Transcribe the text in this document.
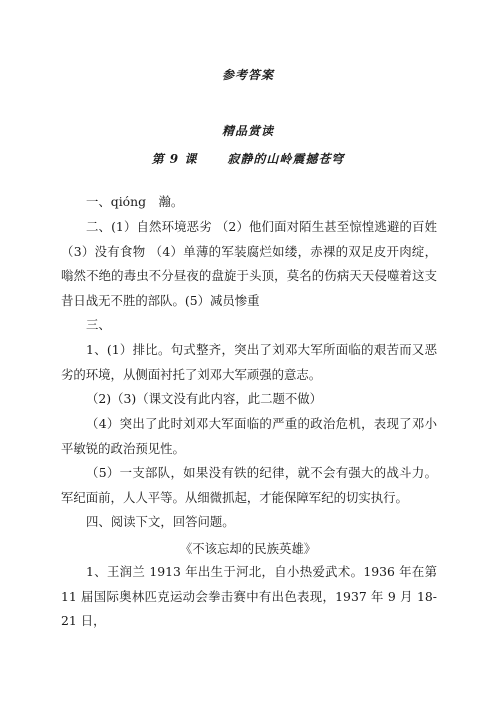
参考答案
精品赏读
第 9 课	寂静的山岭震撼苍穹

一、qióng　瀚。

二、(1）自然环境恶劣 （2）他们面对陌生甚至惊惶逃避的百姓 （3）没有食物 （4）单薄的军装腐烂如缕，赤裸的双足皮开肉绽，嗡然不绝的毒虫不分昼夜的盘旋于头顶，莫名的伤病天天侵噬着这支昔日战无不胜的部队。(5）减员惨重

三、

1、(1）排比。句式整齐，突出了刘邓大军所面临的艰苦而又恶劣的环境，从侧面衬托了刘邓大军顽强的意志。

（2)（3)（课文没有此内容，此二题不做）

（4）突出了此时刘邓大军面临的严重的政治危机，表现了邓小平敏锐的政治预见性。

（5）一支部队，如果没有铁的纪律，就不会有强大的战斗力。军纪面前，人人平等。从细微抓起，才能保障军纪的切实执行。

四、阅读下文，回答问题。

《不该忘却的民族英雄》

1、王润兰 1913 年出生于河北，自小热爱武术。1936 年在第 11 届国际奥林匹克运动会拳击赛中有出色表现，1937 年 9 月 18-21 日，
